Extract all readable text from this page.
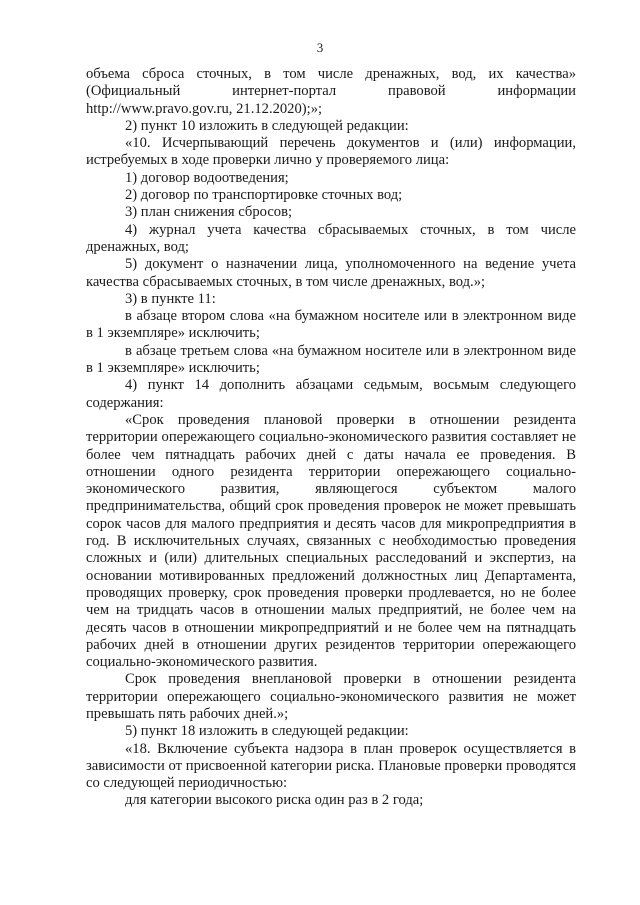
3

объема сброса сточных, в том числе дренажных, вод, их качества» (Официальный интернет-портал правовой информации http://www.pravo.gov.ru, 21.12.2020);»;

2) пункт 10 изложить в следующей редакции:

«10. Исчерпывающий перечень документов и (или) информации, истребуемых в ходе проверки лично у проверяемого лица:

1) договор водоотведения;

2) договор по транспортировке сточных вод;

3) план снижения сбросов;

4) журнал учета качества сбрасываемых сточных, в том числе дренажных, вод;

5) документ о назначении лица, уполномоченного на ведение учета качества сбрасываемых сточных, в том числе дренажных, вод.»;

3) в пункте 11:

в абзаце втором слова «на бумажном носителе или в электронном виде в 1 экземпляре» исключить;

в абзаце третьем слова «на бумажном носителе или в электронном виде в 1 экземпляре» исключить;

4) пункт 14 дополнить абзацами седьмым, восьмым следующего содержания:

«Срок проведения плановой проверки в отношении резидента территории опережающего социально-экономического развития составляет не более чем пятнадцать рабочих дней с даты начала ее проведения. В отношении одного резидента территории опережающего социально-экономического развития, являющегося субъектом малого предпринимательства, общий срок проведения проверок не может превышать сорок часов для малого предприятия и десять часов для микропредприятия в год. В исключительных случаях, связанных с необходимостью проведения сложных и (или) длительных специальных расследований и экспертиз, на основании мотивированных предложений должностных лиц Департамента, проводящих проверку, срок проведения проверки продлевается, но не более чем на тридцать часов в отношении малых предприятий, не более чем на десять часов в отношении микропредприятий и не более чем на пятнадцать рабочих дней в отношении других резидентов территории опережающего социально-экономического развития.

Срок проведения внеплановой проверки в отношении резидента территории опережающего социально-экономического развития не может превышать пять рабочих дней.»;

5) пункт 18 изложить в следующей редакции:

«18. Включение субъекта надзора в план проверок осуществляется в зависимости от присвоенной категории риска. Плановые проверки проводятся со следующей периодичностью:

для категории высокого риска один раз в 2 года;
